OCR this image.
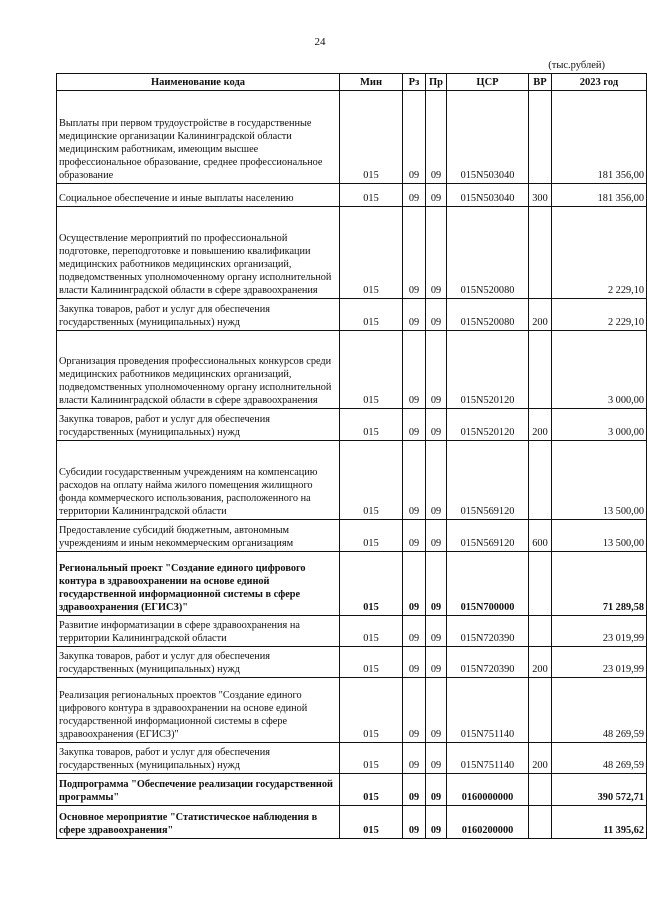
24
(тыс.рублей)
Наименование кода	Мин	Рз	Пр	ЦСР	ВР	2023 год
Выплаты при первом трудоустройстве в государственные медицинские организации Калининградской области медицинским работникам, имеющим высшее профессиональное образование, среднее профессиональное образование	015	09	09	015N503040		181 356,00
Социальное обеспечение и иные выплаты населению	015	09	09	015N503040	300	181 356,00
Осуществление мероприятий по профессиональной подготовке, переподготовке и повышению квалификации медицинских работников медицинских организаций, подведомственных уполномоченному органу исполнительной власти Калининградской области в сфере здравоохранения	015	09	09	015N520080		2 229,10
Закупка товаров, работ и услуг для обеспечения государственных (муниципальных) нужд	015	09	09	015N520080	200	2 229,10
Организация проведения профессиональных конкурсов среди медицинских работников медицинских организаций, подведомственных уполномоченному органу исполнительной власти Калининградской области в сфере здравоохранения	015	09	09	015N520120		3 000,00
Закупка товаров, работ и услуг для обеспечения государственных (муниципальных) нужд	015	09	09	015N520120	200	3 000,00
Субсидии государственным учреждениям на компенсацию расходов на оплату найма жилого помещения жилищного фонда коммерческого использования, расположенного на территории Калининградской области	015	09	09	015N569120		13 500,00
Предоставление субсидий бюджетным, автономным учреждениям и иным некоммерческим организациям	015	09	09	015N569120	600	13 500,00
Региональный проект "Создание единого цифрового контура в здравоохранении на основе единой государственной информационной системы в сфере здравоохранения (ЕГИСЗ)"	015	09	09	015N700000		71 289,58
Развитие информатизации в сфере здравоохранения на территории Калининградской области	015	09	09	015N720390		23 019,99
Закупка товаров, работ и услуг для обеспечения государственных (муниципальных) нужд	015	09	09	015N720390	200	23 019,99
Реализация региональных проектов "Создание единого цифрового контура в здравоохранении на основе единой государственной информационной системы в сфере здравоохранения (ЕГИСЗ)"	015	09	09	015N751140		48 269,59
Закупка товаров, работ и услуг для обеспечения государственных (муниципальных) нужд	015	09	09	015N751140	200	48 269,59
Подпрограмма "Обеспечение реализации государственной программы"	015	09	09	0160000000		390 572,71
Основное мероприятие "Статистическое наблюдения в сфере здравоохранения"	015	09	09	0160200000		11 395,62
